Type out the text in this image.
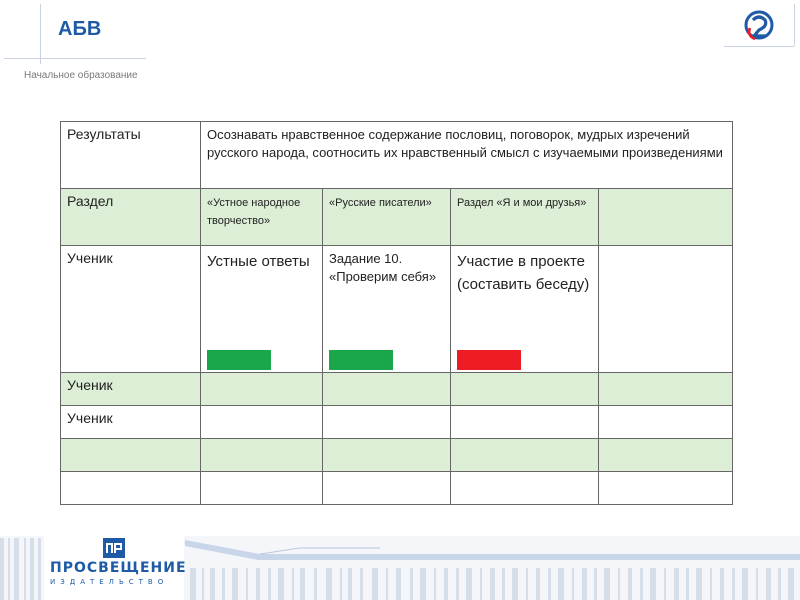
АБВ
Начальное образование
Результаты	Осознавать нравственное содержание пословиц, поговорок, мудрых изречений русского народа, соотносить их нравственный смысл с изучаемыми произведениями			
Раздел	«Устное народное творчество»	«Русские писатели»	Раздел «Я и мои друзья»	
Ученик	Устные ответы	Задание 10. «Проверим себя»	Участие в проекте (составить беседу)

Ученик				
Ученик				

ПРОСВЕЩЕНИЕ
ИЗДАТЕЛЬСТВО
